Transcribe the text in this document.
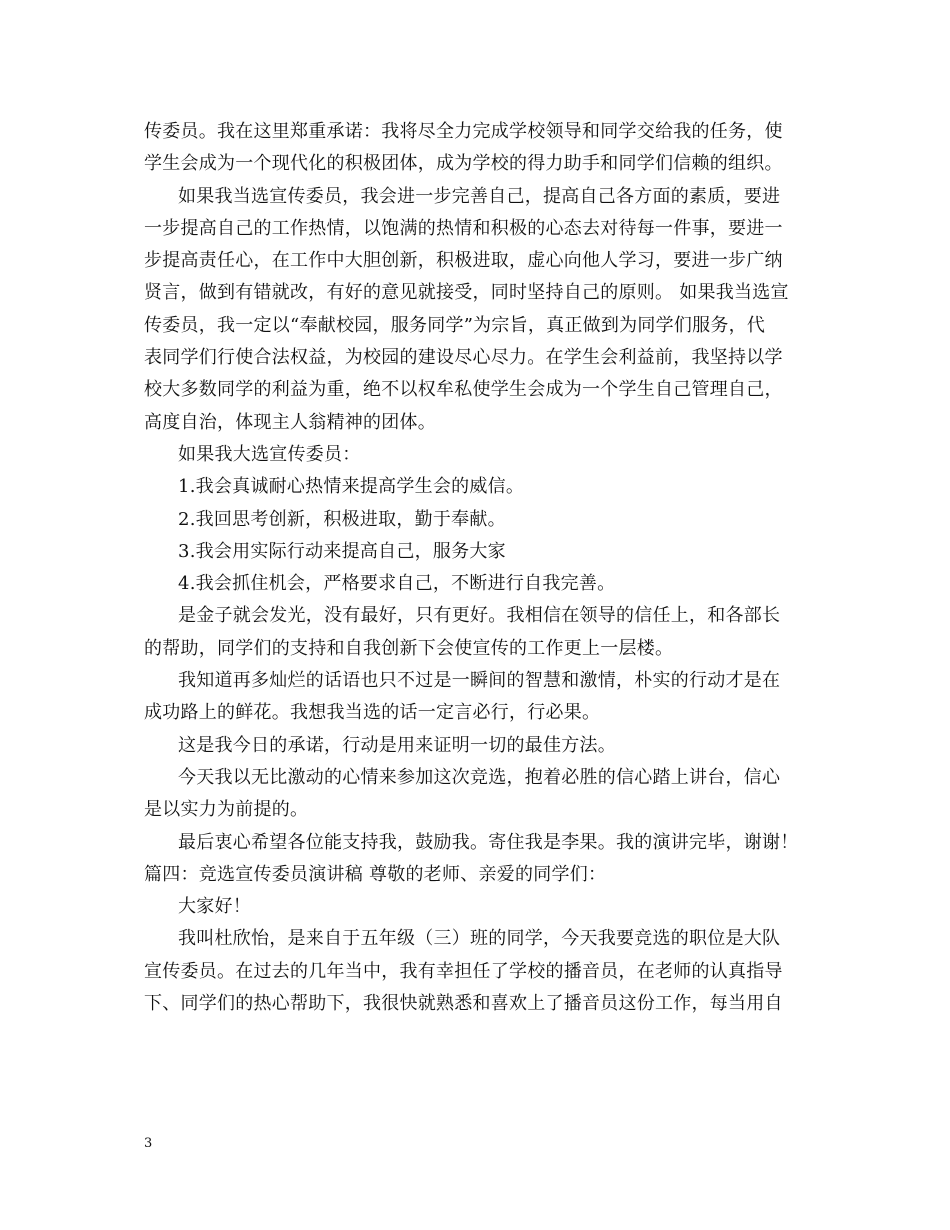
传委员。我在这里郑重承诺：我将尽全力完成学校领导和同学交给我的任务，使
学生会成为一个现代化的积极团体，成为学校的得力助手和同学们信赖的组织。
如果我当选宣传委员，我会进一步完善自己，提高自己各方面的素质，要进
一步提高自己的工作热情，以饱满的热情和积极的心态去对待每一件事，要进一
步提高责任心，在工作中大胆创新，积极进取，虚心向他人学习，要进一步广纳
贤言，做到有错就改，有好的意见就接受，同时坚持自己的原则。 如果我当选宣
传委员，我一定以“奉献校园，服务同学”为宗旨，真正做到为同学们服务，代
表同学们行使合法权益，为校园的建设尽心尽力。在学生会利益前，我坚持以学
校大多数同学的利益为重，绝不以权牟私使学生会成为一个学生自己管理自己，
高度自治，体现主人翁精神的团体。
如果我大选宣传委员：
1.我会真诚耐心热情来提高学生会的威信。
2.我回思考创新，积极进取，勤于奉献。
3.我会用实际行动来提高自己，服务大家
4.我会抓住机会，严格要求自己，不断进行自我完善。
是金子就会发光，没有最好，只有更好。我相信在领导的信任上，和各部长
的帮助，同学们的支持和自我创新下会使宣传的工作更上一层楼。
我知道再多灿烂的话语也只不过是一瞬间的智慧和激情，朴实的行动才是在
成功路上的鲜花。我想我当选的话一定言必行，行必果。
这是我今日的承诺，行动是用来证明一切的最佳方法。
今天我以无比激动的心情来参加这次竞选，抱着必胜的信心踏上讲台，信心
是以实力为前提的。
最后衷心希望各位能支持我，鼓励我。寄住我是李果。我的演讲完毕，谢谢！
篇四：竞选宣传委员演讲稿 尊敬的老师、亲爱的同学们：
大家好！
我叫杜欣怡，是来自于五年级（三）班的同学，今天我要竞选的职位是大队
宣传委员。在过去的几年当中，我有幸担任了学校的播音员，在老师的认真指导
下、同学们的热心帮助下，我很快就熟悉和喜欢上了播音员这份工作，每当用自
3
